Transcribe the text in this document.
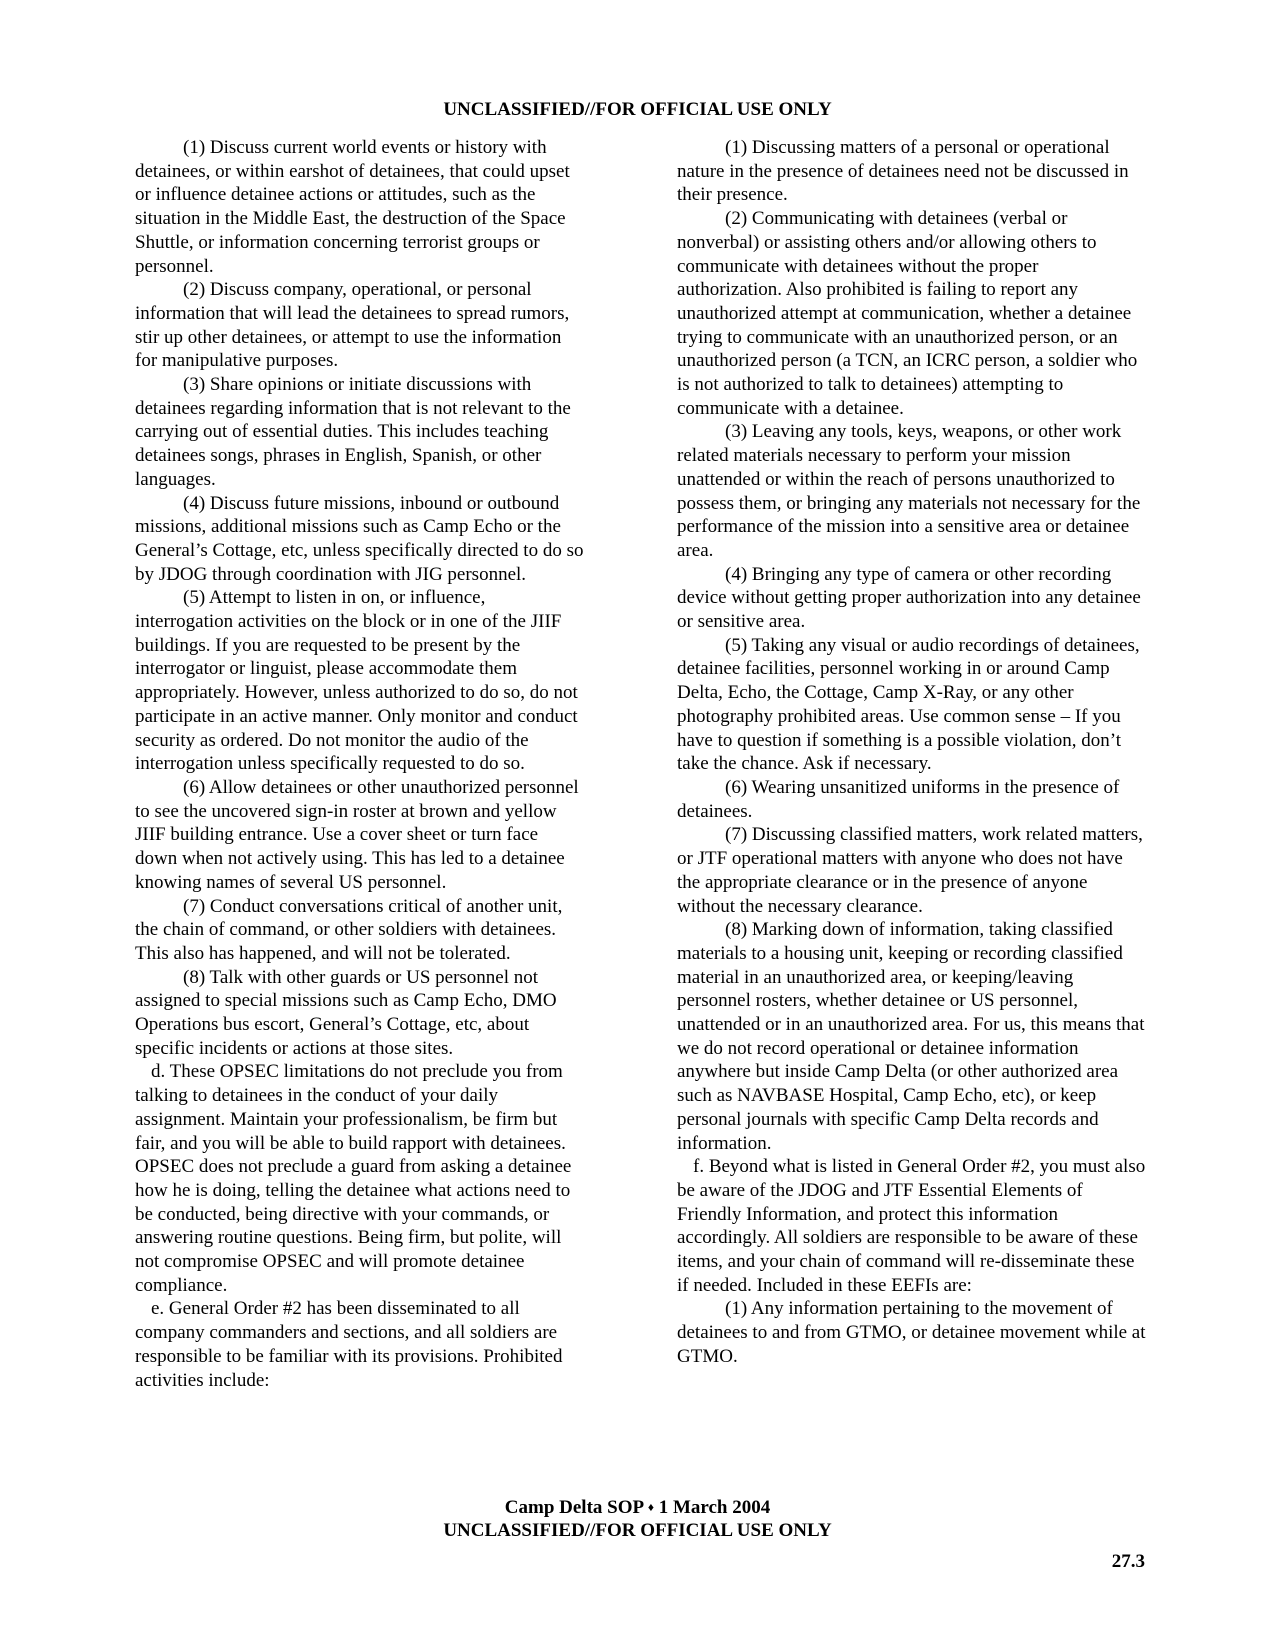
UNCLASSIFIED//FOR OFFICIAL USE ONLY

(1) Discuss current world events or history with detainees, or within earshot of detainees, that could upset or influence detainee actions or attitudes, such as the situation in the Middle East, the destruction of the Space Shuttle, or information concerning terrorist groups or personnel.

(2) Discuss company, operational, or personal information that will lead the detainees to spread rumors, stir up other detainees, or attempt to use the information for manipulative purposes.

(3) Share opinions or initiate discussions with detainees regarding information that is not relevant to the carrying out of essential duties. This includes teaching detainees songs, phrases in English, Spanish, or other languages.

(4) Discuss future missions, inbound or outbound missions, additional missions such as Camp Echo or the General’s Cottage, etc, unless specifically directed to do so by JDOG through coordination with JIG personnel.

(5) Attempt to listen in on, or influence, interrogation activities on the block or in one of the JIIF buildings. If you are requested to be present by the interrogator or linguist, please accommodate them appropriately. However, unless authorized to do so, do not participate in an active manner. Only monitor and conduct security as ordered. Do not monitor the audio of the interrogation unless specifically requested to do so.

(6) Allow detainees or other unauthorized personnel to see the uncovered sign-in roster at brown and yellow JIIF building entrance. Use a cover sheet or turn face down when not actively using. This has led to a detainee knowing names of several US personnel.

(7) Conduct conversations critical of another unit, the chain of command, or other soldiers with detainees. This also has happened, and will not be tolerated.

(8) Talk with other guards or US personnel not assigned to special missions such as Camp Echo, DMO Operations bus escort, General’s Cottage, etc, about specific incidents or actions at those sites.

d. These OPSEC limitations do not preclude you from talking to detainees in the conduct of your daily assignment. Maintain your professionalism, be firm but fair, and you will be able to build rapport with detainees. OPSEC does not preclude a guard from asking a detainee how he is doing, telling the detainee what actions need to be conducted, being directive with your commands, or answering routine questions. Being firm, but polite, will not compromise OPSEC and will promote detainee compliance.

e. General Order #2 has been disseminated to all company commanders and sections, and all soldiers are responsible to be familiar with its provisions. Prohibited activities include:

(1) Discussing matters of a personal or operational nature in the presence of detainees need not be discussed in their presence.

(2) Communicating with detainees (verbal or nonverbal) or assisting others and/or allowing others to communicate with detainees without the proper authorization. Also prohibited is failing to report any unauthorized attempt at communication, whether a detainee trying to communicate with an unauthorized person, or an unauthorized person (a TCN, an ICRC person, a soldier who is not authorized to talk to detainees) attempting to communicate with a detainee.

(3) Leaving any tools, keys, weapons, or other work related materials necessary to perform your mission unattended or within the reach of persons unauthorized to possess them, or bringing any materials not necessary for the performance of the mission into a sensitive area or detainee area.

(4) Bringing any type of camera or other recording device without getting proper authorization into any detainee or sensitive area.

(5) Taking any visual or audio recordings of detainees, detainee facilities, personnel working in or around Camp Delta, Echo, the Cottage, Camp X-Ray, or any other photography prohibited areas. Use common sense – If you have to question if something is a possible violation, don’t take the chance. Ask if necessary.

(6) Wearing unsanitized uniforms in the presence of detainees.

(7) Discussing classified matters, work related matters, or JTF operational matters with anyone who does not have the appropriate clearance or in the presence of anyone without the necessary clearance.

(8) Marking down of information, taking classified materials to a housing unit, keeping or recording classified material in an unauthorized area, or keeping/leaving personnel rosters, whether detainee or US personnel, unattended or in an unauthorized area. For us, this means that we do not record operational or detainee information anywhere but inside Camp Delta (or other authorized area such as NAVBASE Hospital, Camp Echo, etc), or keep personal journals with specific Camp Delta records and information.

f. Beyond what is listed in General Order #2, you must also be aware of the JDOG and JTF Essential Elements of Friendly Information, and protect this information accordingly. All soldiers are responsible to be aware of these items, and your chain of command will re-disseminate these if needed. Included in these EEFIs are:

(1) Any information pertaining to the movement of detainees to and from GTMO, or detainee movement while at GTMO.

Camp Delta SOP ♦ 1 March 2004
UNCLASSIFIED//FOR OFFICIAL USE ONLY
27.3
